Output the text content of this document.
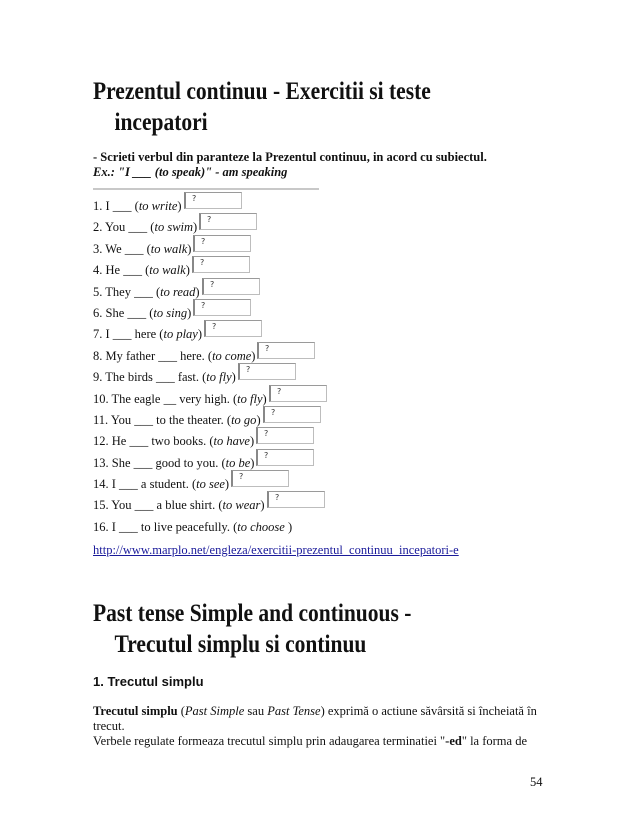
Prezentul continuu - Exercitii si teste
incepatori
- Scrieti verbul din paranteze la Prezentul continuu, in acord cu subiectul.
Ex.: "I ___ (to speak)" - am speaking
1. I ___ (to write)
?
2. You ___ (to swim)
?
3. We ___ (to walk)
?
4. He ___ (to walk)
?
5. They ___ (to read)
?
6. She ___ (to sing)
?
7. I ___ here (to play)
?
8. My father ___ here. (to come)
?
9. The birds ___ fast. (to fly)
?
10. The eagle __ very high. (to fly)
?
11. You ___ to the theater. (to go)
?
12. He ___ two books. (to have)
?
13. She ___ good to you. (to be)
?
14. I ___ a student. (to see)
?
15. You ___ a blue shirt. (to wear)
?
16. I ___ to live peacefully. (to choose )
http://www.marplo.net/engleza/exercitii-prezentul_continuu_incepatori-e
Past tense Simple and continuous -
Trecutul simplu si continuu
1. Trecutul simplu
Trecutul simplu (Past Simple sau Past Tense) exprimă o actiune săvârsită si încheiată în trecut.
Verbele regulate formeaza trecutul simplu prin adaugarea terminatiei "-ed" la forma de
54
